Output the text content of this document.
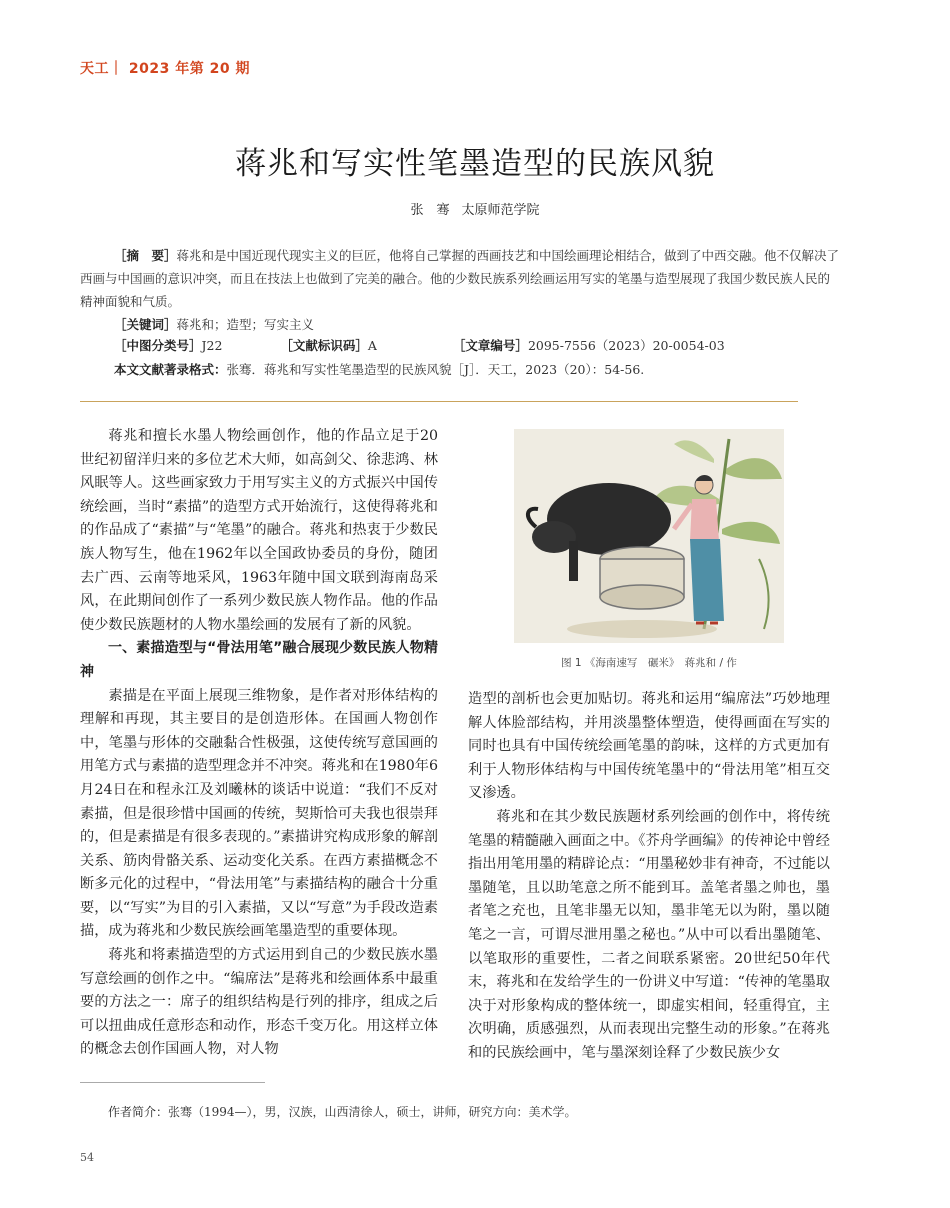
天工｜ 2023 年第 20 期
蒋兆和写实性笔墨造型的民族风貌
张　骞 太原师范学院
［摘　要］蒋兆和是中国近现代现实主义的巨匠，他将自己掌握的西画技艺和中国绘画理论相结合，做到了中西交融。他不仅解决了西画与中国画的意识冲突，而且在技法上也做到了完美的融合。他的少数民族系列绘画运用写实的笔墨与造型展现了我国少数民族人民的精神面貌和气质。
［关键词］蒋兆和；造型；写实主义
［中图分类号］J22	［文献标识码］A	［文章编号］2095-7556（2023）20-0054-03
本文文献著录格式：张骞．蒋兆和写实性笔墨造型的民族风貌［J］．天工，2023（20）：54-56.

蒋兆和擅长水墨人物绘画创作，他的作品立足于20世纪初留洋归来的多位艺术大师，如高剑父、徐悲鸿、林风眠等人。这些画家致力于用写实主义的方式振兴中国传统绘画，当时“素描”的造型方式开始流行，这使得蒋兆和的作品成了“素描”与“笔墨”的融合。蒋兆和热衷于少数民族人物写生，他在1962年以全国政协委员的身份，随团去广西、云南等地采风，1963年随中国文联到海南岛采风，在此期间创作了一系列少数民族人物作品。他的作品使少数民族题材的人物水墨绘画的发展有了新的风貌。

一、素描造型与“骨法用笔”融合展现少数民族人物精神

素描是在平面上展现三维物象，是作者对形体结构的理解和再现，其主要目的是创造形体。在国画人物创作中，笔墨与形体的交融黏合性极强，这使传统写意国画的用笔方式与素描的造型理念并不冲突。蒋兆和在1980年6月24日在和程永江及刘曦林的谈话中说道：“我们不反对素描，但是很珍惜中国画的传统，契斯恰可夫我也很崇拜的，但是素描是有很多表现的。”素描讲究构成形象的解剖关系、筋肉骨骼关系、运动变化关系。在西方素描概念不断多元化的过程中，“骨法用笔”与素描结构的融合十分重要，以“写实”为目的引入素描，又以“写意”为手段改造素描，成为蒋兆和少数民族绘画笔墨造型的重要体现。

蒋兆和将素描造型的方式运用到自己的少数民族水墨写意绘画的创作之中。“编席法”是蒋兆和绘画体系中最重要的方法之一：席子的组织结构是行列的排序，组成之后可以扭曲成任意形态和动作，形态千变万化。用这样立体的概念去创作国画人物，对人物

图 1 《海南速写　碾米》　蒋兆和 / 作

造型的剖析也会更加贴切。蒋兆和运用“编席法”巧妙地理解人体脸部结构，并用淡墨整体塑造，使得画面在写实的同时也具有中国传统绘画笔墨的韵味，这样的方式更加有利于人物形体结构与中国传统笔墨中的“骨法用笔”相互交叉渗透。

蒋兆和在其少数民族题材系列绘画的创作中，将传统笔墨的精髓融入画面之中。《芥舟学画编》的传神论中曾经指出用笔用墨的精辟论点：“用墨秘妙非有神奇，不过能以墨随笔，且以助笔意之所不能到耳。盖笔者墨之帅也，墨者笔之充也，且笔非墨无以知，墨非笔无以为附，墨以随笔之一言，可谓尽泄用墨之秘也。”从中可以看出墨随笔、以笔取形的重要性，二者之间联系紧密。20世纪50年代末，蒋兆和在发给学生的一份讲义中写道：“传神的笔墨取决于对形象构成的整体统一，即虚实相间，轻重得宜，主次明确，质感强烈，从而表现出完整生动的形象。”在蒋兆和的民族绘画中，笔与墨深刻诠释了少数民族少女

作者简介：张骞（1994—），男，汉族，山西清徐人，硕士，讲师，研究方向：美术学。
54
